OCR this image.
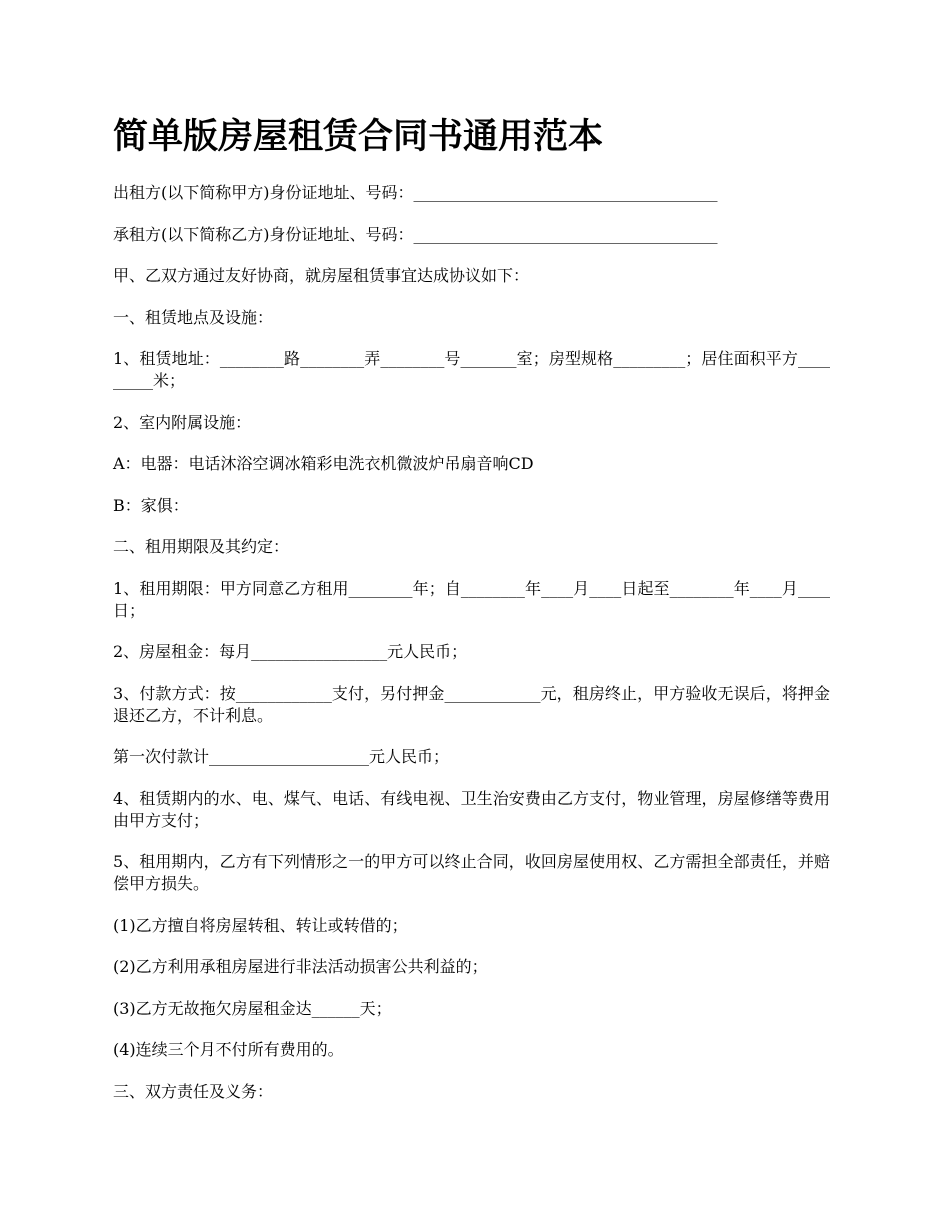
简单版房屋租赁合同书通用范本

出租方(以下简称甲方)身份证地址、号码：______________________________________

承租方(以下简称乙方)身份证地址、号码：______________________________________

甲、乙双方通过友好协商，就房屋租赁事宜达成协议如下：

一、租赁地点及设施：

1、租赁地址：________路________弄________号_______室；房型规格_________；居住面积平方_________米；

2、室内附属设施：

A：电器：电话沐浴空调冰箱彩电洗衣机微波炉吊扇音响CD

B：家俱：

二、租用期限及其约定：

1、租用期限：甲方同意乙方租用________年；自________年____月____日起至________年____月____日；

2、房屋租金：每月_________________元人民币；

3、付款方式：按____________支付，另付押金____________元，租房终止，甲方验收无误后，将押金退还乙方，不计利息。

第一次付款计____________________元人民币；

4、租赁期内的水、电、煤气、电话、有线电视、卫生治安费由乙方支付，物业管理，房屋修缮等费用由甲方支付；

5、租用期内，乙方有下列情形之一的甲方可以终止合同，收回房屋使用权、乙方需担全部责任，并赔偿甲方损失。

(1)乙方擅自将房屋转租、转让或转借的；

(2)乙方利用承租房屋进行非法活动损害公共利益的；

(3)乙方无故拖欠房屋租金达______天；

(4)连续三个月不付所有费用的。

三、双方责任及义务：
